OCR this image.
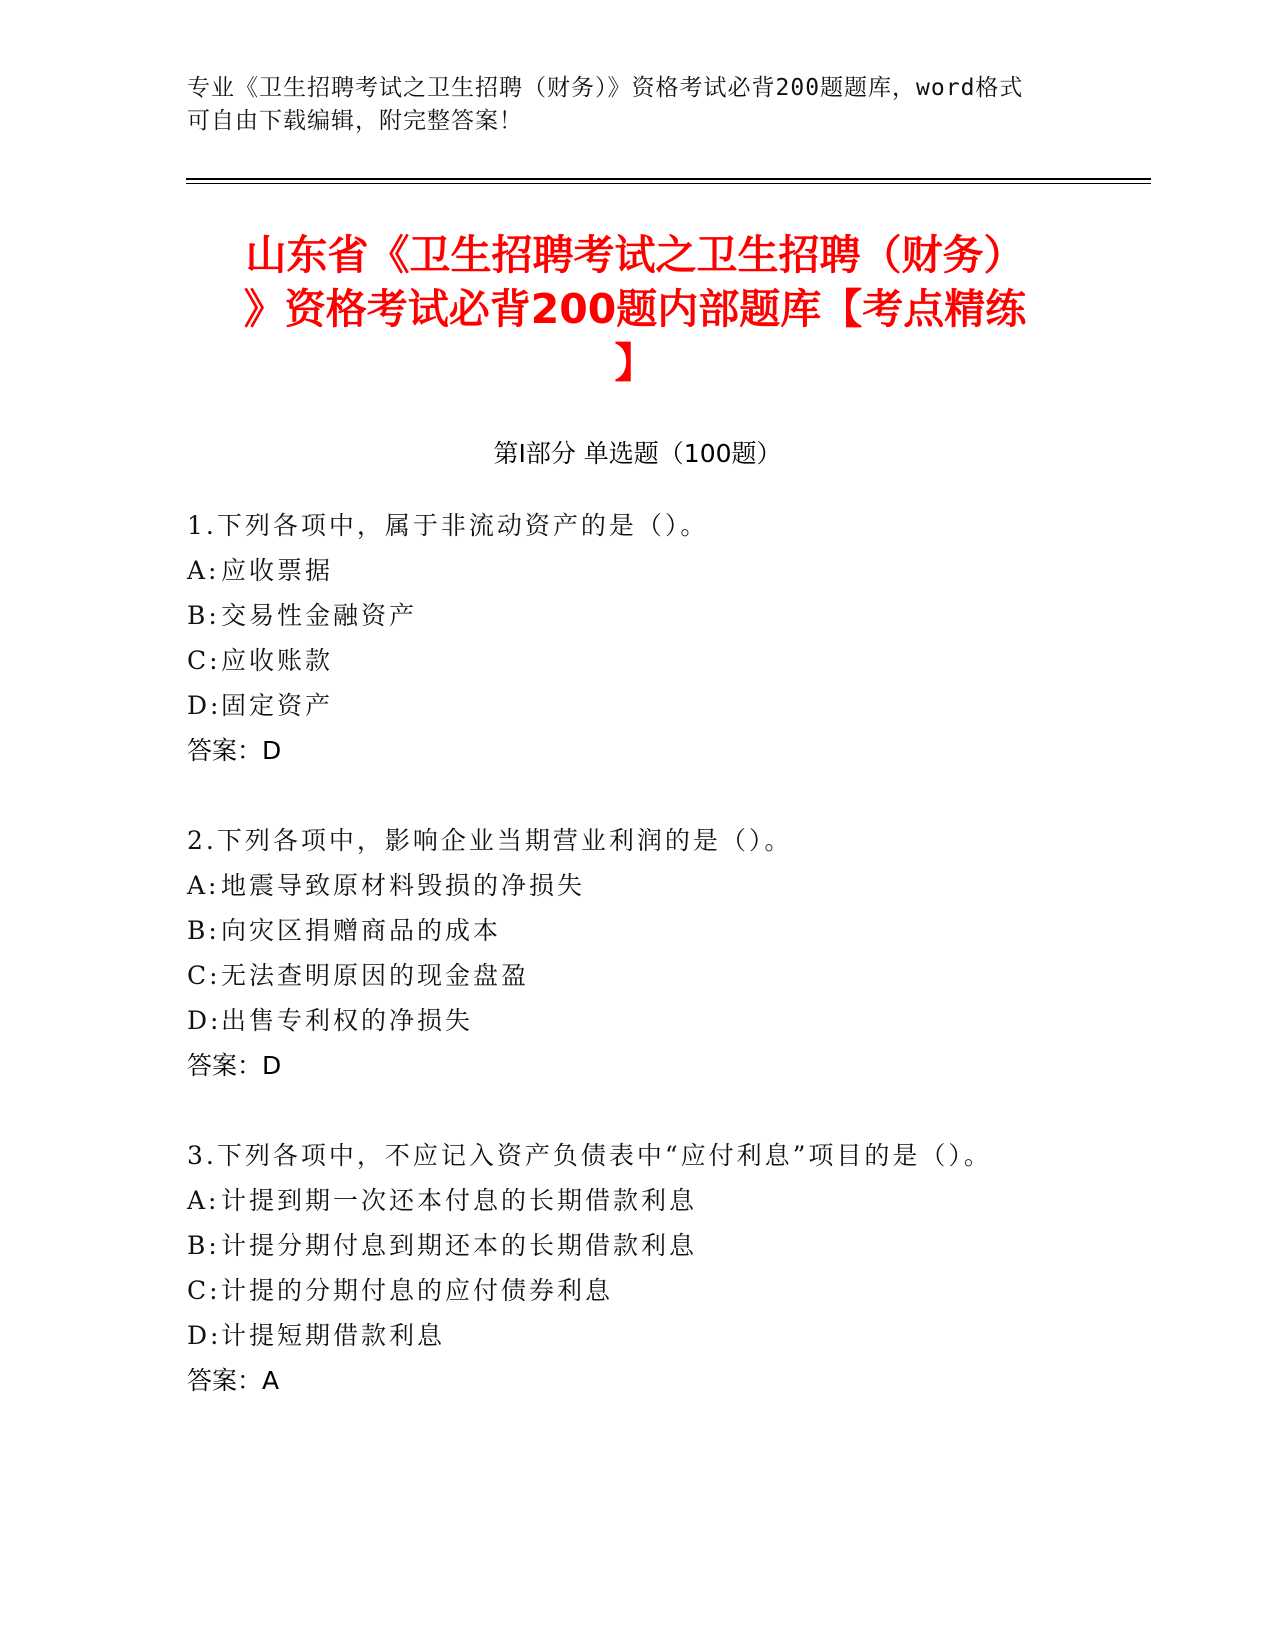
专业《卫生招聘考试之卫生招聘（财务）》资格考试必背200题题库，word格式
可自由下载编辑，附完整答案！
山东省《卫生招聘考试之卫生招聘（财务）
》资格考试必背200题内部题库【考点精练
】
第Ⅰ部分 单选题（100题）
1.下列各项中，属于非流动资产的是（）。
A:应收票据
B:交易性金融资产
C:应收账款
D:固定资产
答案：D
2.下列各项中，影响企业当期营业利润的是（）。
A:地震导致原材料毁损的净损失
B:向灾区捐赠商品的成本
C:无法查明原因的现金盘盈
D:出售专利权的净损失
答案：D
3.下列各项中，不应记入资产负债表中“应付利息”项目的是（）。
A:计提到期一次还本付息的长期借款利息
B:计提分期付息到期还本的长期借款利息
C:计提的分期付息的应付债券利息
D:计提短期借款利息
答案：A
